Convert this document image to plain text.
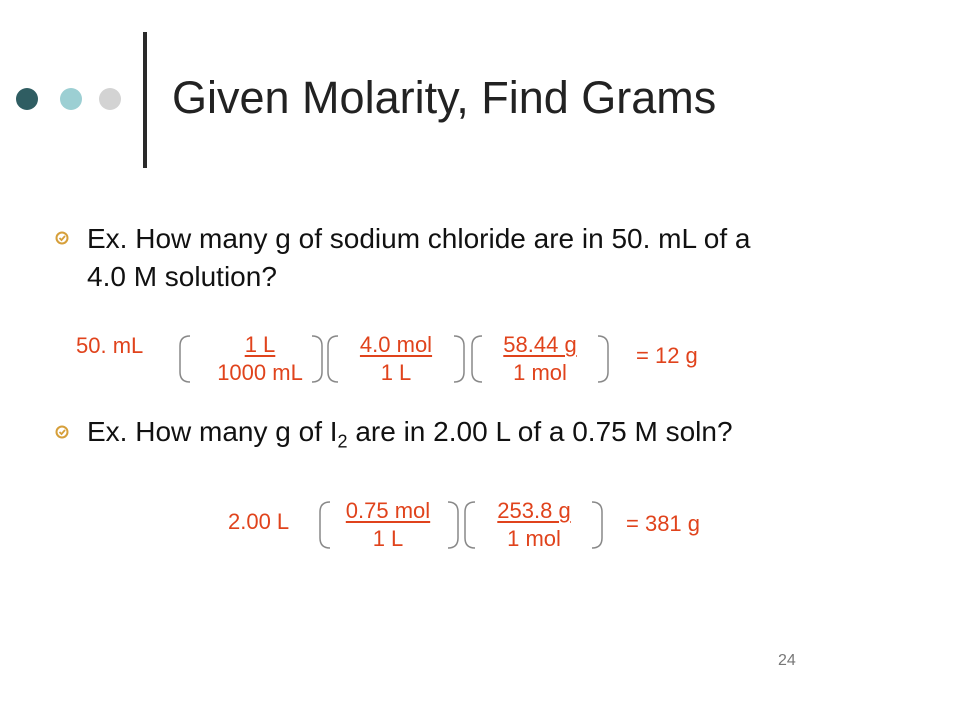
Given Molarity, Find Grams
Ex. How many g of sodium chloride are in 50. mL of a
4.0 M solution?
50. mL $\frac{1 L}{1000 mL}$	4.0 mol
1 L
58.44 g
1 mol
= 12 g
Ex. How many g of $I_2$ are in 2.00 L of a 0.75 M soln?
2.00 L	0.75 mol
1 L
253.8 g
1 mol
= 381 g
24
